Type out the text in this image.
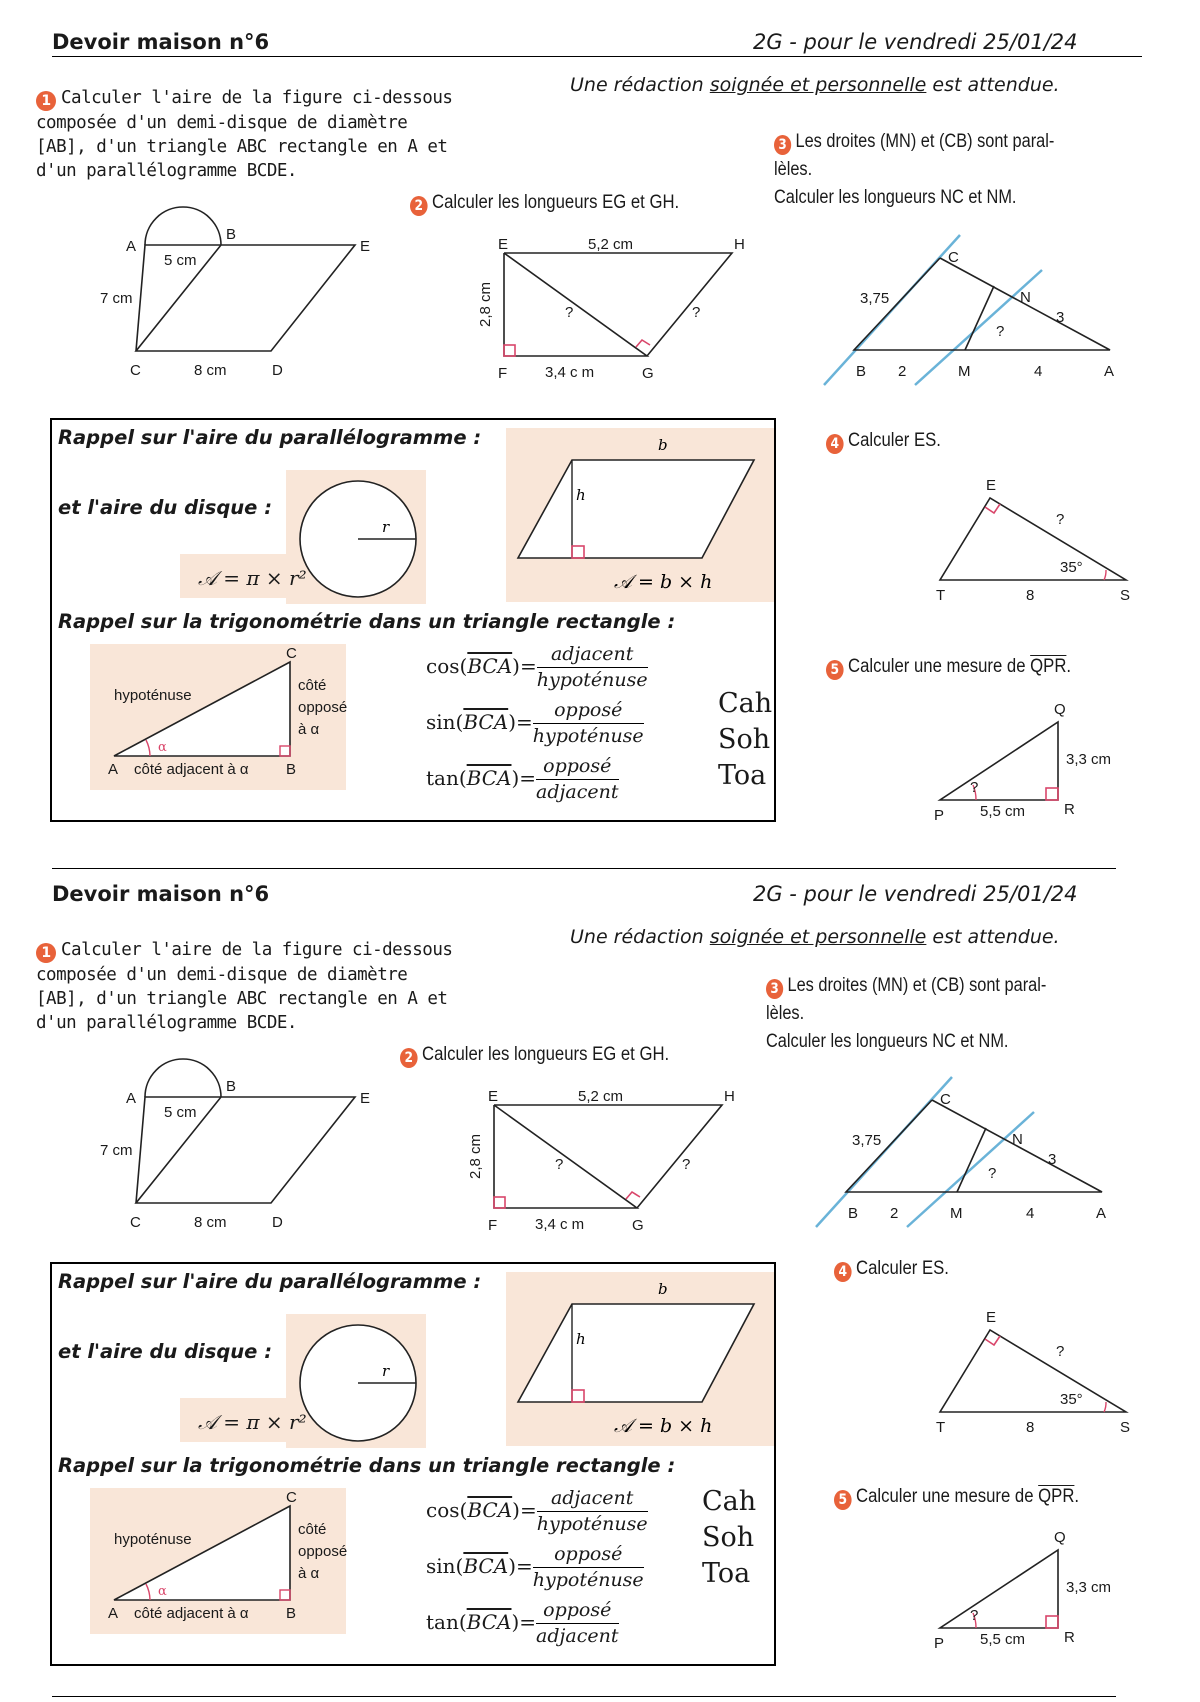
Devoir maison n°6	2G - pour le vendredi 25/01/24
Une rédaction soignée et personnelle est attendue.
1 Calculer l'aire de la figure ci-dessous
composée d'un demi-disque de diamètre
[AB], d'un triangle ABC rectangle en A et
d'un parallélogramme BCDE.
A
B
E
C	D
5 cm
7 cm
8 cm
2 Calculer les longueurs EG et GH.
E	H
F	G
5,2 cm
3,4 c m
2,8 cm	?	?
3 Les droites (MN) et (CB) sont paral-
lèles.
Calculer les longueurs NC et NM.
C
N
3,75
3
?
B 2	M	4	A
Rappel sur l'aire du parallélogramme :
et l'aire du disque :
r
𝒜 = π × r²
b
h
𝒜 = b × h
Rappel sur la trigonométrie dans un triangle rectangle :
C
hypoténuse
côté
opposé
à α
α
A côté adjacent à α B
$\cos(\overline{BCA})= \frac{\text{adjacent}}{\text{hypoténuse}}$
$\sin(\overline{BCA})= \frac{\text{opposé}}{\text{hypoténuse}}$
$\tan(\overline{BCA})= \frac{\text{opposé}}{\text{adjacent}}$
Cah
Soh
Toa
4 Calculer ES.
E
?
35°
T	8	S
5 Calculer une mesure de $\overline{QPR}$.
Q
3,3 cm
P 5,5 cm	R
?
Devoir maison n°6	2G - pour le vendredi 25/01/24
Une rédaction soignée et personnelle est attendue.
1 Calculer l'aire de la figure ci-dessous
composée d'un demi-disque de diamètre
[AB], d'un triangle ABC rectangle en A et
d'un parallélogramme BCDE.
A
B
E
C	D
5 cm
7 cm
8 cm
2 Calculer les longueurs EG et GH.
E	H
F	G
5,2 cm
3,4 c m
2,8 cm	?	?
3 Les droites (MN) et (CB) sont paral-
lèles.
Calculer les longueurs NC et NM.
C
N
3,75
3
?
B 2	M	4	A
Rappel sur l'aire du parallélogramme :
et l'aire du disque :
r
𝒜 = π × r²
b
h
𝒜 = b × h
Rappel sur la trigonométrie dans un triangle rectangle :
C
hypoténuse
côté
opposé
à α
α
A côté adjacent à α B
$\cos(\overline{BCA})= \frac{\text{adjacent}}{\text{hypoténuse}}$
$\sin(\overline{BCA})= \frac{\text{opposé}}{\text{hypoténuse}}$
$\tan(\overline{BCA})= \frac{\text{opposé}}{\text{adjacent}}$
Cah
Soh
Toa
4 Calculer ES.
E
?
35°
T	8	S
5 Calculer une mesure de $\overline{QPR}$.
Q
3,3 cm
P 5,5 cm	R
?
